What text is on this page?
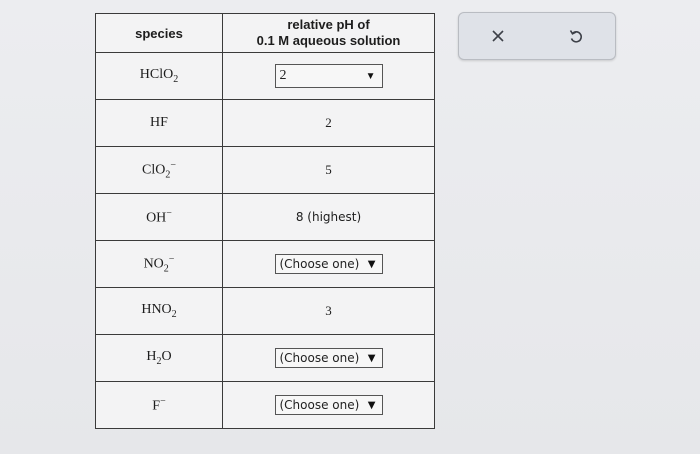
species	relative pH of
0.1 M aqueous solution

HClO$_2$	2 ▼

HF	2
ClO$_2$−	5
OH−	8 (highest)
$NO_2^-$	(Choose one) ▼

$HNO_2$	3
$H_2O$	(Choose one) ▼

F−	(Choose one) ▼
